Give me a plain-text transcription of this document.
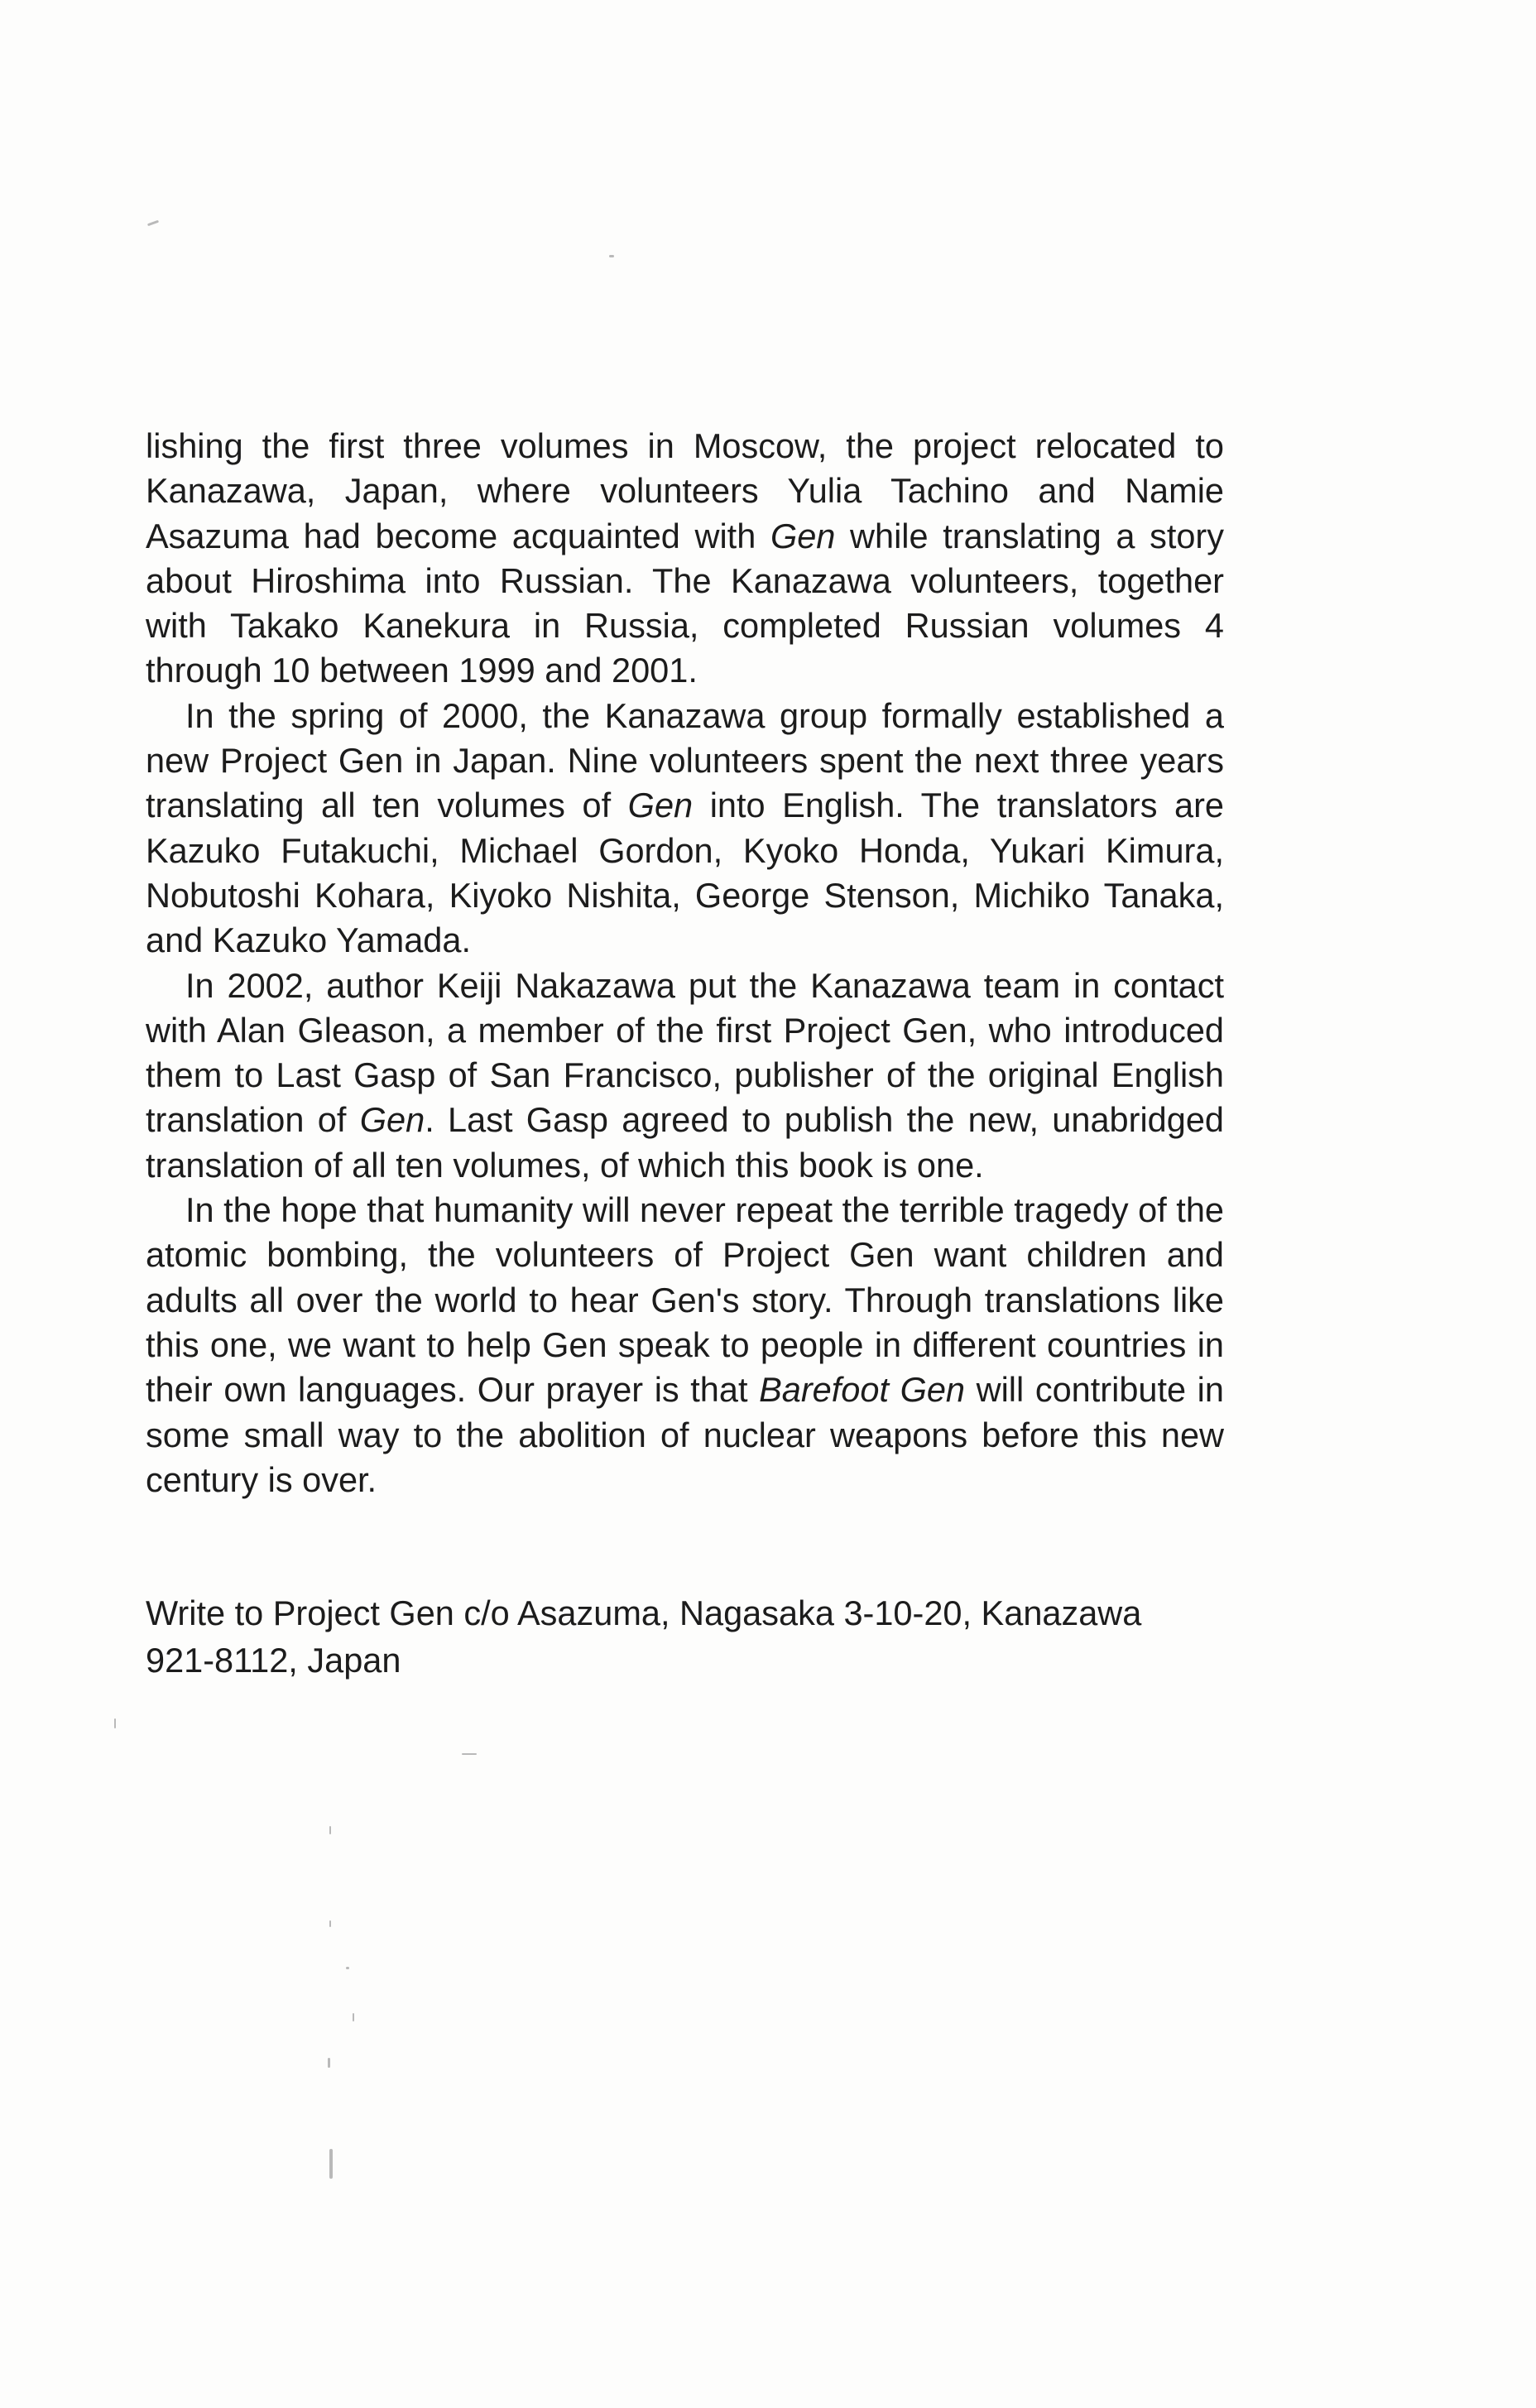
lishing the first three volumes in Moscow, the project relocated to Kanazawa, Japan, where volunteers Yulia Tachino and Namie Asazuma had become acquainted with Gen while translating a story about Hiroshima into Russian. The Kanazawa volunteers, together with Takako Kanekura in Russia, completed Russian volumes 4 through 10 between 1999 and 2001.

In the spring of 2000, the Kanazawa group formally established a new Project Gen in Japan. Nine volunteers spent the next three years translating all ten volumes of Gen into English. The translators are Kazuko Futakuchi, Michael Gordon, Kyoko Honda, Yukari Kimura, Nobutoshi Kohara, Kiyoko Nishita, George Stenson, Michiko Tanaka, and Kazuko Yamada.

In 2002, author Keiji Nakazawa put the Kanazawa team in contact with Alan Gleason, a member of the first Project Gen, who introduced them to Last Gasp of San Francisco, publisher of the original English translation of Gen. Last Gasp agreed to publish the new, unabridged translation of all ten volumes, of which this book is one.

In the hope that humanity will never repeat the terrible tragedy of the atomic bombing, the volunteers of Project Gen want children and adults all over the world to hear Gen's story. Through translations like this one, we want to help Gen speak to people in different countries in their own languages. Our prayer is that Barefoot Gen will contribute in some small way to the abolition of nuclear weapons before this new century is over.

Write to Project Gen c/o Asazuma, Nagasaka 3-10-20, Kanazawa

921-8112, Japan
